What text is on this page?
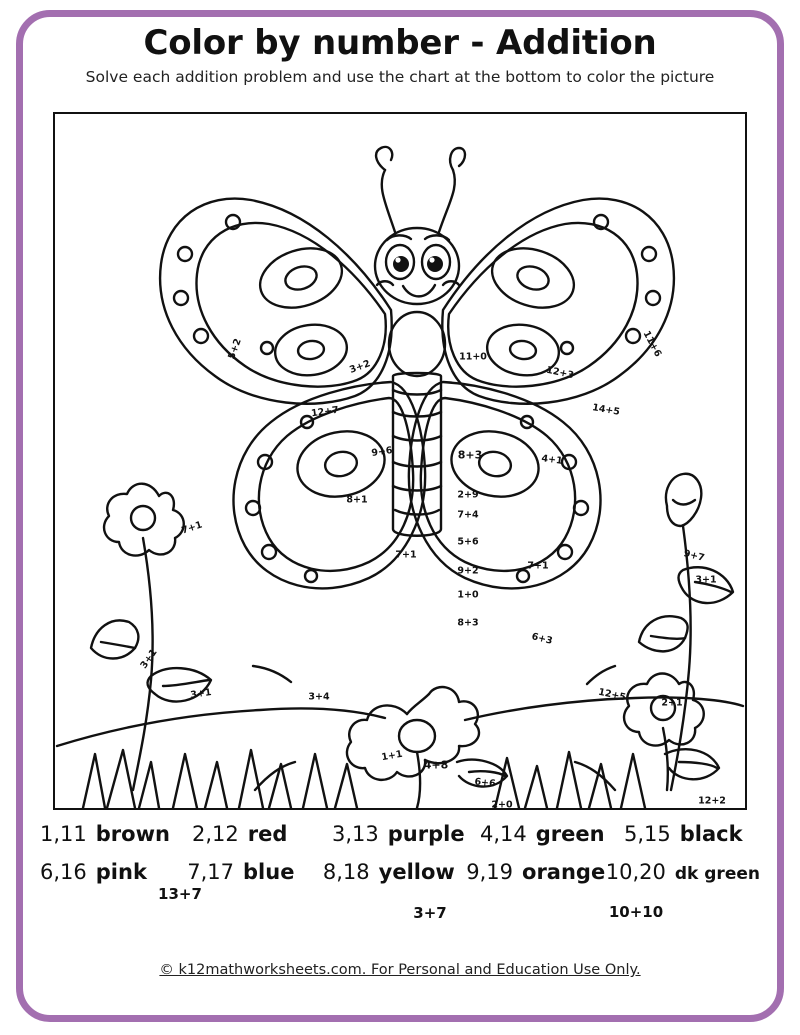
Color by number - Addition
Solve each addition problem and use the chart at the bottom to color the picture
5+2
3+2
12+7
9+6
11+0
8+3
12+3
14+5
11+6
4+1
2+9
7+4
5+6
9+2
1+0
8+3
8+1
7+1
7+1
6+3
3+4	12+5
7+1
3+1
3+1
9+7
3+1
2+1
12+2
1+1
4+8
6+6
2+0
13+7
3+7	10+10
1,11 brown 2,12 red 3,13 purple 4,14 green 5,15 black
6,16 pink 7,17 blue 8,18 yellow 9,19 orange 10,20 dk green
© k12mathworksheets.com. For Personal and Education Use Only.
